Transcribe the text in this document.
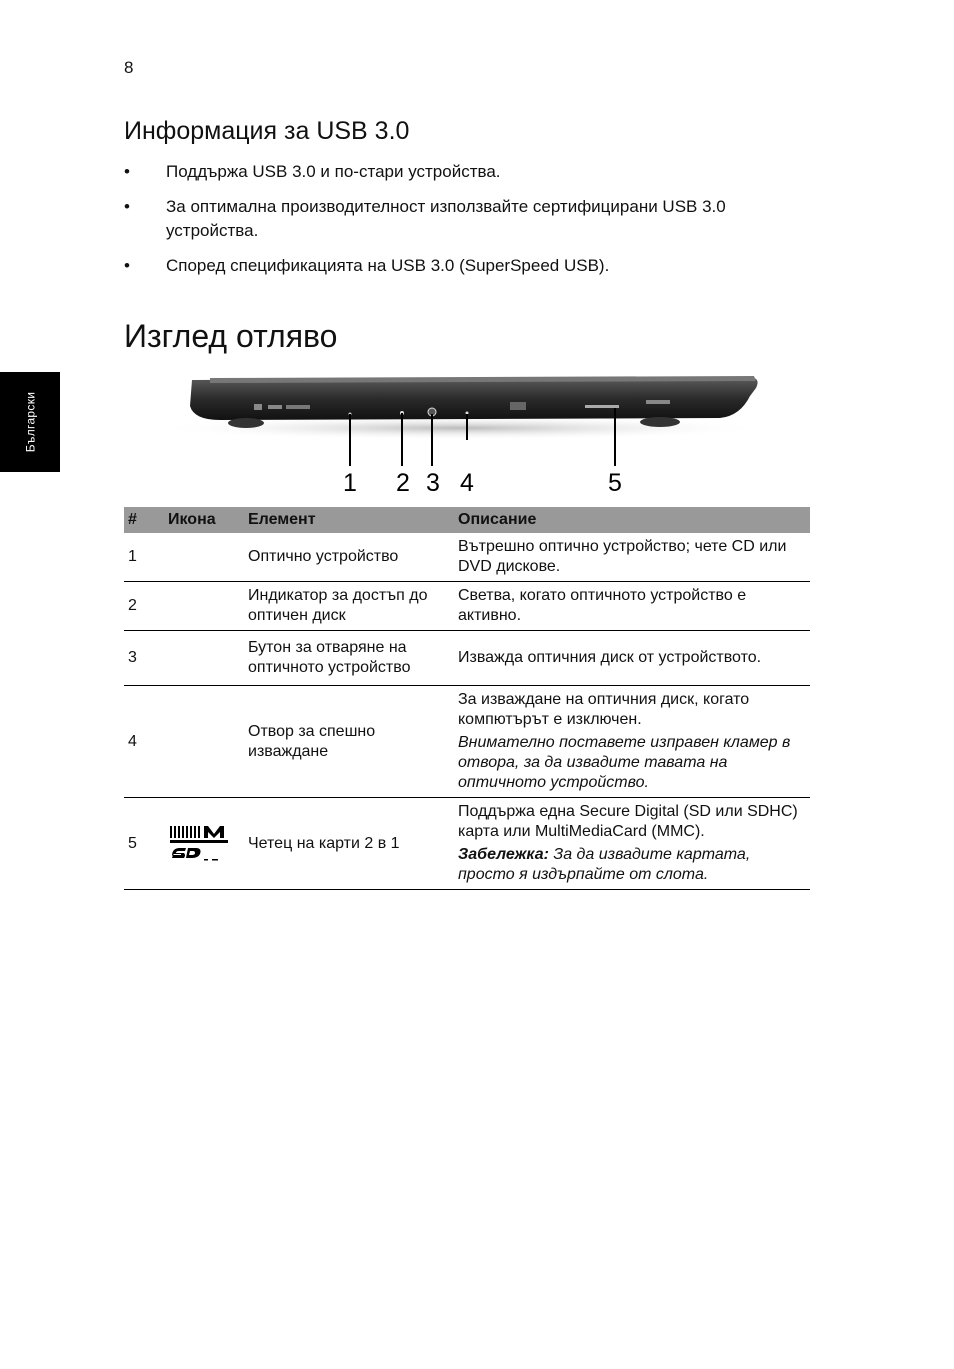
8
Български
Информация за USB 3.0
• Поддържа USB 3.0 и по-стари устройства.
• За оптимална производителност използвайте сертифицирани USB 3.0 устройства.
• Според спецификацията на USB 3.0 (SuperSpeed USB).
Изглед отляво
1 2 3 4	5
#	Икона	Елемент	Описание
1		Оптично устройство	Вътрешно оптично устройство; чете CD или DVD дискове.

2		Индикатор за достъп до оптичен диск	Светва, когато оптичното устройство е активно.

3		Бутон за отваряне на оптичното устройство	Изважда оптичния диск от устройството.

4		Отвор за спешно изваждане	За изваждане на оптичния диск, когато компютърът е изключен.
Внимателно поставете изправен кламер в отвора, за да извадите тавата на оптичното устройство.

5		Четец на карти 2 в 1	Поддържа една Secure Digital (SD или SDHC) карта или MultiMediaCard (MMC).
Забележка: За да извадите картата, просто я издърпайте от слота.
